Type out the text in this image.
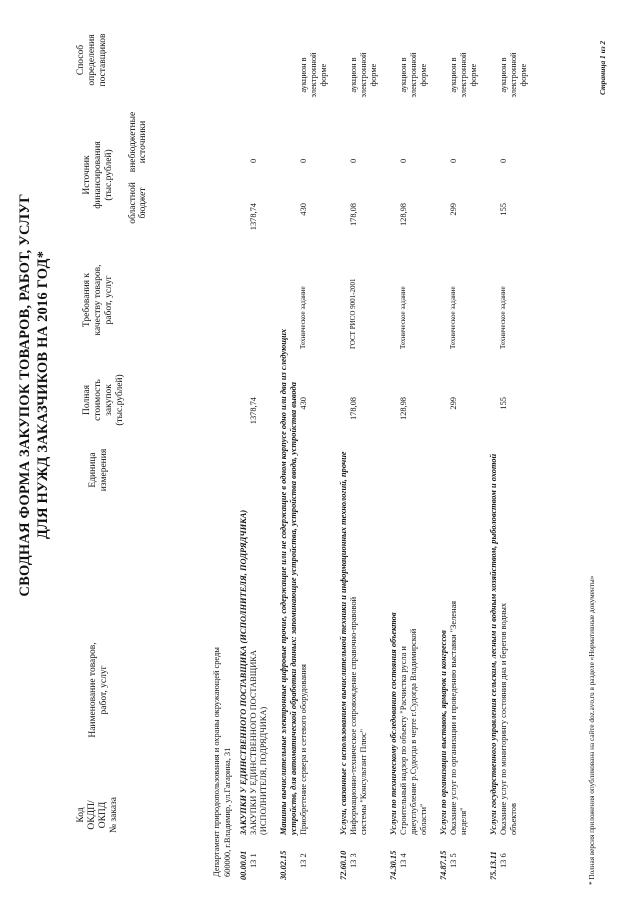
СВОДНАЯ ФОРМА ЗАКУПОК ТОВАРОВ, РАБОТ, УСЛУГ ДЛЯ НУЖД ЗАКАЗЧИКОВ НА 2016 ГОД*
Код ОКДП/ ОКПД № заказа
Наименование товаров, работ, услуг
Единица измерения
Полная стоимость закупок (тыс.рублей)
Требования к качеству товаров, работ, услуг
Источник финансирования (тыс.рублей)
областной бюджет
внебюджетные источники
Способ определения поставщиков
Департамент природопользования и охраны окружающей среды 600000, г.Владимир, ул.Гагарина, 31 00.00.01
ЗАКУПКИ У ЕДИНСТВЕННОГО ПОСТАВЩИКА (ИСПОЛНИТЕЛЯ, ПОДРЯДЧИКА)
13 1
ЗАКУПКИ У ЕДИНСТВЕННОГО ПОСТАВЩИКА (ИСПОЛНИТЕЛЯ, ПОДРЯДЧИКА)
1378,74
1378,74
0
30.02.15
Машины вычислительные электронные цифровые прочие, содержащие или не содержащие в одном корпусе одно или два из следующих устройств, для автоматической обработки данных: запоминающие устройства, устройства ввода, устройства вывода
13 2
Приобретение сервера и сетевого оборудования
430
Техническое задание
430
0
аукцион в электронной форме
72.60.10
Услуги, связанные с использованием вычислительной техники и информационных технологий, прочие
13 3
Информационно-техническое сопровождение справочно-правовой системы "Консультант Плюс"
178,08
ГОСТ РИСО 9001-2001
178,08
0
аукцион в электронной форме
74.30.15
Услуги по техническому обследованию состояния объектов
13 4
Строительный надзор по объекту "Расчистка русла и днеуглубление р.Судогда в черте г.Судогда Владимирской области"
128,98
Техническое задание
128,98
0
аукцион в электронной форме
74.87.15
Услуги по организации выставок, ярмарок и конгрессов
13 5
Оказание услуг по организации и проведению выставки "Зеленая неделя"
299
Техническое задание
299
0
аукцион в электронной форме
75.13.11
Услуги государственного управления сельским, лесным и водным хозяйством, рыболовством и охотой
13 6
Оказание услуг по мониторингу состояния дна и берегов водных объектов
155
Техническое задание
155
0
аукцион в электронной форме
* Полная версия приложения опубликована на сайте doz.avo.ru в разделе «Нормативные документы»
Страница 1 из 2
